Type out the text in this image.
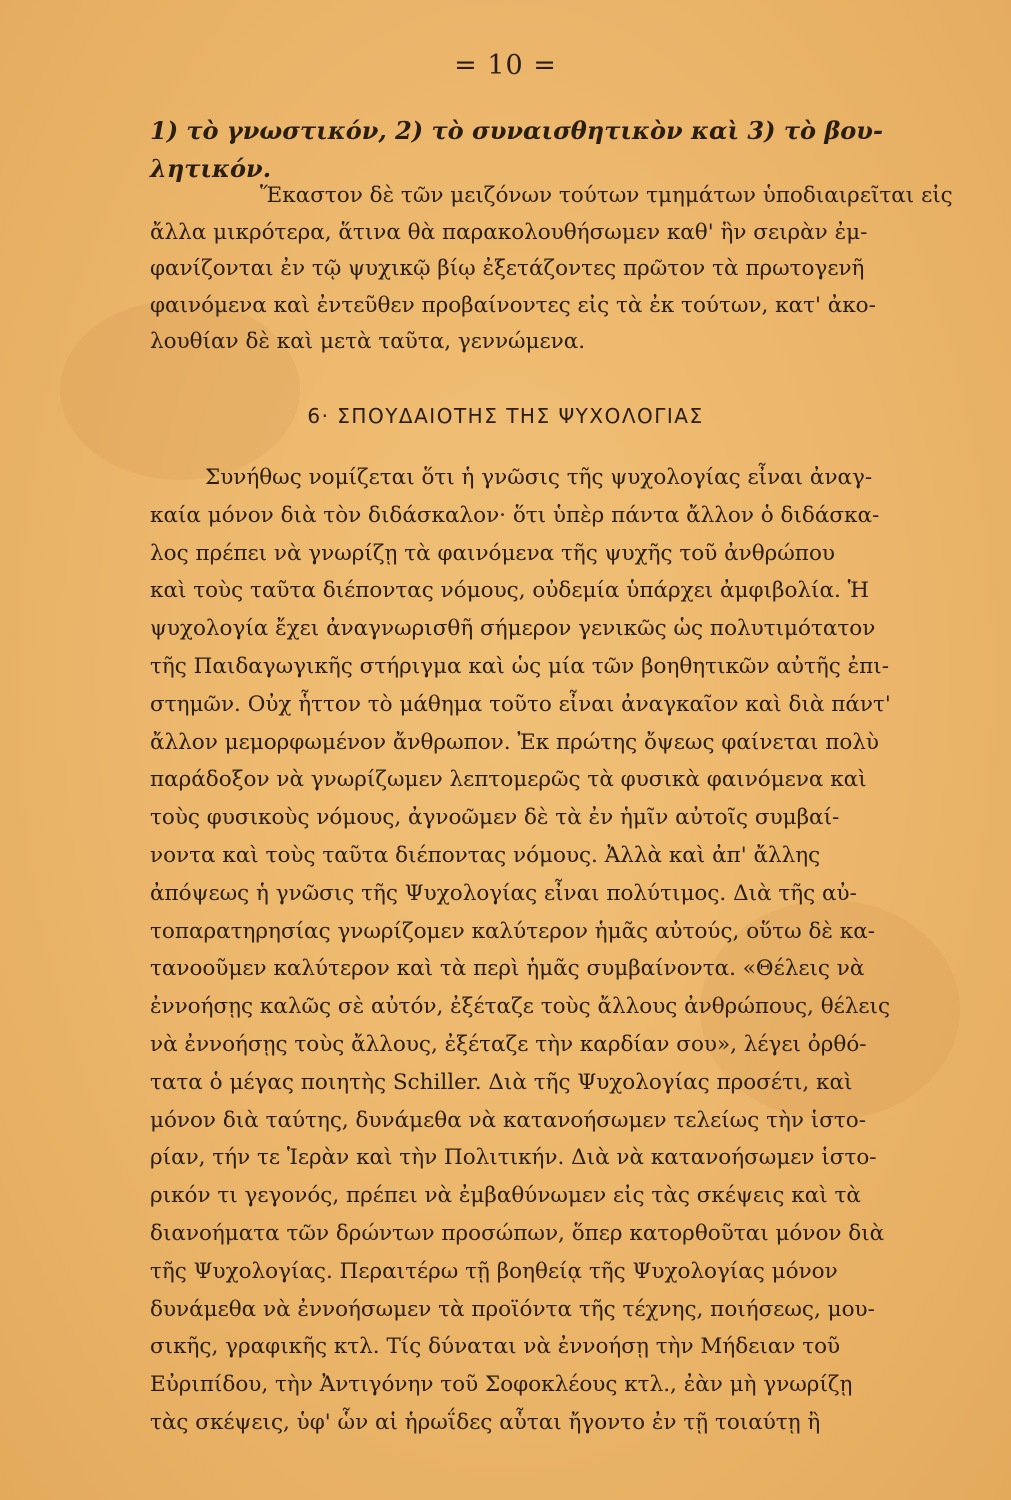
= 10 =
1) τὸ γνωστικόν, 2) τὸ συναισθητικὸν καὶ 3) τὸ βου-
λητικόν.
Ἕκαστον δὲ τῶν μειζόνων τούτων τμημάτων ὑποδιαιρεῖται εἰς
ἄλλα μικρότερα, ἅτινα θὰ παρακολουθήσωμεν καθ' ἣν σειρὰν ἐμ-
φανίζονται ἐν τῷ ψυχικῷ βίῳ ἐξετάζοντες πρῶτον τὰ πρωτογενῆ
φαινόμενα καὶ ἐντεῦθεν προβαίνοντες εἰς τὰ ἐκ τούτων, κατ' ἀκο-
λουθίαν δὲ καὶ μετὰ ταῦτα, γεννώμενα.
6· ΣΠΟΥΔΑΙΟΤΗΣ ΤΗΣ ΨΥΧΟΛΟΓΙΑΣ
Συνήθως νομίζεται ὅτι ἡ γνῶσις τῆς ψυχολογίας εἶναι ἀναγ-
καία μόνον διὰ τὸν διδάσκαλον· ὅτι ὑπὲρ πάντα ἄλλον ὁ διδάσκα-
λος πρέπει νὰ γνωρίζῃ τὰ φαινόμενα τῆς ψυχῆς τοῦ ἀνθρώπου
καὶ τοὺς ταῦτα διέποντας νόμους, οὐδεμία ὑπάρχει ἀμφιβολία. Ἡ
ψυχολογία ἔχει ἀναγνωρισθῆ σήμερον γενικῶς ὡς πολυτιμότατον
τῆς Παιδαγωγικῆς στήριγμα καὶ ὡς μία τῶν βοηθητικῶν αὐτῆς ἐπι-
στημῶν. Οὐχ ἧττον τὸ μάθημα τοῦτο εἶναι ἀναγκαῖον καὶ διὰ πάντ'
ἄλλον μεμορφωμένον ἄνθρωπον. Ἐκ πρώτης ὄψεως φαίνεται πολὺ
παράδοξον νὰ γνωρίζωμεν λεπτομερῶς τὰ φυσικὰ φαινόμενα καὶ
τοὺς φυσικοὺς νόμους, ἀγνοῶμεν δὲ τὰ ἐν ἡμῖν αὐτοῖς συμβαί-
νοντα καὶ τοὺς ταῦτα διέποντας νόμους. Ἀλλὰ καὶ ἀπ' ἄλλης
ἀπόψεως ἡ γνῶσις τῆς Ψυχολογίας εἶναι πολύτιμος. Διὰ τῆς αὐ-
τοπαρατηρησίας γνωρίζομεν καλύτερον ἡμᾶς αὐτούς, οὕτω δὲ κα-
τανοοῦμεν καλύτερον καὶ τὰ περὶ ἡμᾶς συμβαίνοντα. «Θέλεις νὰ
ἐννοήσῃς καλῶς σὲ αὐτόν, ἐξέταζε τοὺς ἄλλους ἀνθρώπους, θέλεις
νὰ ἐννοήσῃς τοὺς ἄλλους, ἐξέταζε τὴν καρδίαν σου», λέγει ὀρθό-
τατα ὁ μέγας ποιητὴς Schiller. Διὰ τῆς Ψυχολογίας προσέτι, καὶ
μόνον διὰ ταύτης, δυνάμεθα νὰ κατανοήσωμεν τελείως τὴν ἱστο-
ρίαν, τήν τε Ἱερὰν καὶ τὴν Πολιτικήν. Διὰ νὰ κατανοήσωμεν ἱστο-
ρικόν τι γεγονός, πρέπει νὰ ἐμβαθύνωμεν εἰς τὰς σκέψεις καὶ τὰ
διανοήματα τῶν δρώντων προσώπων, ὅπερ κατορθοῦται μόνον διὰ
τῆς Ψυχολογίας. Περαιτέρω τῇ βοηθείᾳ τῆς Ψυχολογίας μόνον
δυνάμεθα νὰ ἐννοήσωμεν τὰ προϊόντα τῆς τέχνης, ποιήσεως, μου-
σικῆς, γραφικῆς κτλ. Τίς δύναται νὰ ἐννοήσῃ τὴν Μήδειαν τοῦ
Εὐριπίδου, τὴν Ἀντιγόνην τοῦ Σοφοκλέους κτλ., ἐὰν μὴ γνωρίζῃ
τὰς σκέψεις, ὑφ' ὧν αἱ ἡρωΐδες αὗται ἤγοντο ἐν τῇ τοιαύτῃ ἢ
